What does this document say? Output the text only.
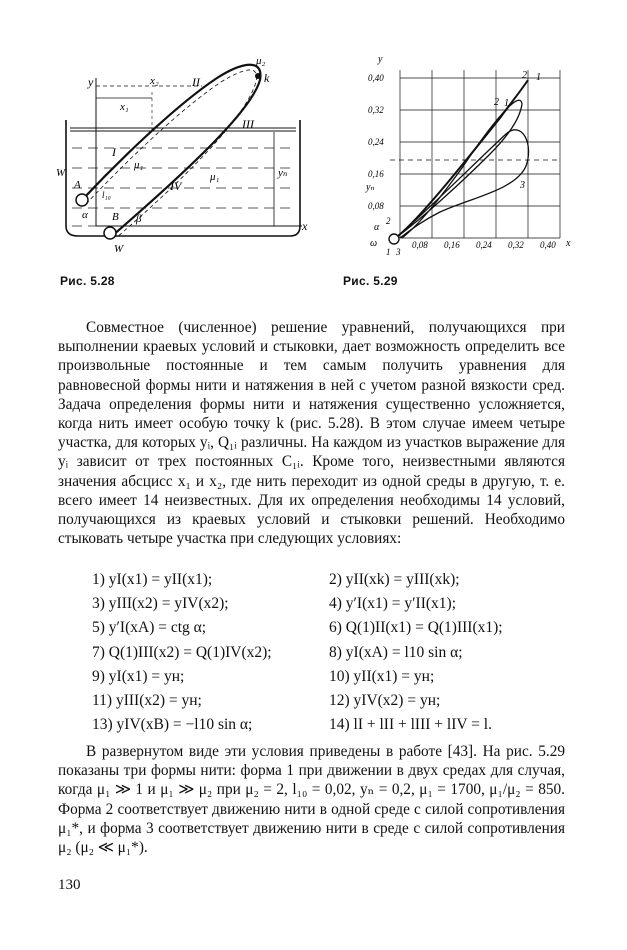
y
x
x₁
x₂
μ₂
k
I
II
III
IV
μ₁
μ₁	yₙ
W
A
l₁₀
α B β
W
Рис. 5.28
y
x
0,40
0,32
0,24
0,16
0,08
0,08 0,16 0,24 0,32 0,40
yₙ
α
ω
1
2
3
1
2
2
3
1
Рис. 5.29

Совместное (численное) решение уравнений, получающихся при выполнении краевых условий и стыковки, дает возможность определить все произвольные постоянные и тем самым получить уравнения для равновесной формы нити и натяжения в ней с учетом разной вязкости сред. Задача определения формы нити и натяжения существенно усложняется, когда нить имеет особую точку k (рис. 5.28). В этом случае имеем четыре участка, для которых yᵢ, Q₁ᵢ различны. На каждом из участков выражение для yᵢ зависит от трех постоянных C₁ᵢ. Кроме того, неизвестными являются значения абсцисс x₁ и x₂, где нить переходит из одной среды в другую, т. е. всего имеет 14 неизвестных. Для их определения необходимы 14 условий, получающихся из краевых условий и стыковки решений. Необходимо стыковать четыре участка при следующих условиях:

1) yI(x1) = yII(x1);
3) yIII(x2) = yIV(x2);
5) y′I(xA) = ctg α;
7) Q(1)III(x2) = Q(1)IV(x2);
9) yI(x1) = yн;
11) yIII(x2) = yн;
13) yIV(xB) = −l10 sin α;
2) yII(xk) = yIII(xk);
4) y′I(x1) = y′II(x1);
6) Q(1)II(x1) = Q(1)III(x1);
8) yI(xA) = l10 sin α;
10) yII(x1) = yн;
12) yIV(x2) = yн;
14) lI + lII + lIII + lIV = l.

В развернутом виде эти условия приведены в работе [43]. На рис. 5.29 показаны три формы нити: форма 1 при движении в двух средах для случая, когда μ₁ ≫ 1 и μ₁ ≫ μ₂ при μ₂ = 2, l₁₀ = 0,02, yₙ = 0,2, μ₁ = 1700, μ₁/μ₂ = 850. Форма 2 соответствует движению нити в одной среде с силой сопротивления μ₁*, и форма 3 соответствует движению нити в среде с силой сопротивления μ₂ (μ₂ ≪ μ₁*).

130
